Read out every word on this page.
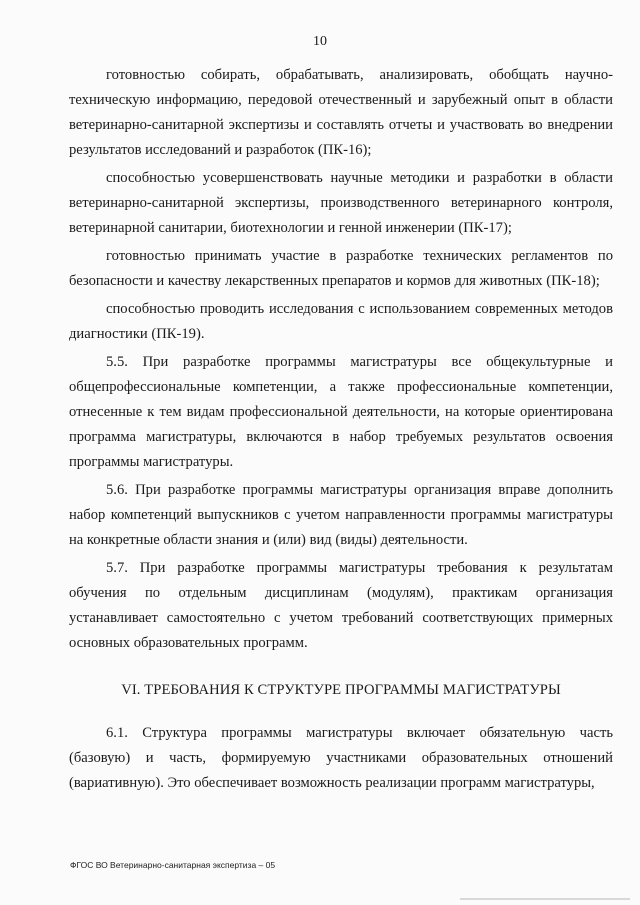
10

готовностью собирать, обрабатывать, анализировать, обобщать научно-техническую информацию, передовой отечественный и зарубежный опыт в области ветеринарно-санитарной экспертизы и составлять отчеты и участвовать во внедрении результатов исследований и разработок (ПК-16);

способностью усовершенствовать научные методики и разработки в области ветеринарно-санитарной экспертизы, производственного ветеринарного контроля, ветеринарной санитарии, биотехнологии и генной инженерии (ПК-17);

готовностью принимать участие в разработке технических регламентов по безопасности и качеству лекарственных препаратов и кормов для животных (ПК-18);

способностью проводить исследования с использованием современных методов диагностики (ПК-19).

5.5. При разработке программы магистратуры все общекультурные и общепрофессиональные компетенции, а также профессиональные компетенции, отнесенные к тем видам профессиональной деятельности, на которые ориентирована программа магистратуры, включаются в набор требуемых результатов освоения программы магистратуры.

5.6. При разработке программы магистратуры организация вправе дополнить набор компетенций выпускников с учетом направленности программы магистратуры на конкретные области знания и (или) вид (виды) деятельности.

5.7. При разработке программы магистратуры требования к результатам обучения по отдельным дисциплинам (модулям), практикам организация устанавливает самостоятельно с учетом требований соответствующих примерных основных образовательных программ.

VI. ТРЕБОВАНИЯ К СТРУКТУРЕ ПРОГРАММЫ МАГИСТРАТУРЫ

6.1. Структура программы магистратуры включает обязательную часть (базовую) и часть, формируемую участниками образовательных отношений (вариативную). Это обеспечивает возможность реализации программ магистратуры,

ФГОС ВО Ветеринарно-санитарная экспертиза – 05
